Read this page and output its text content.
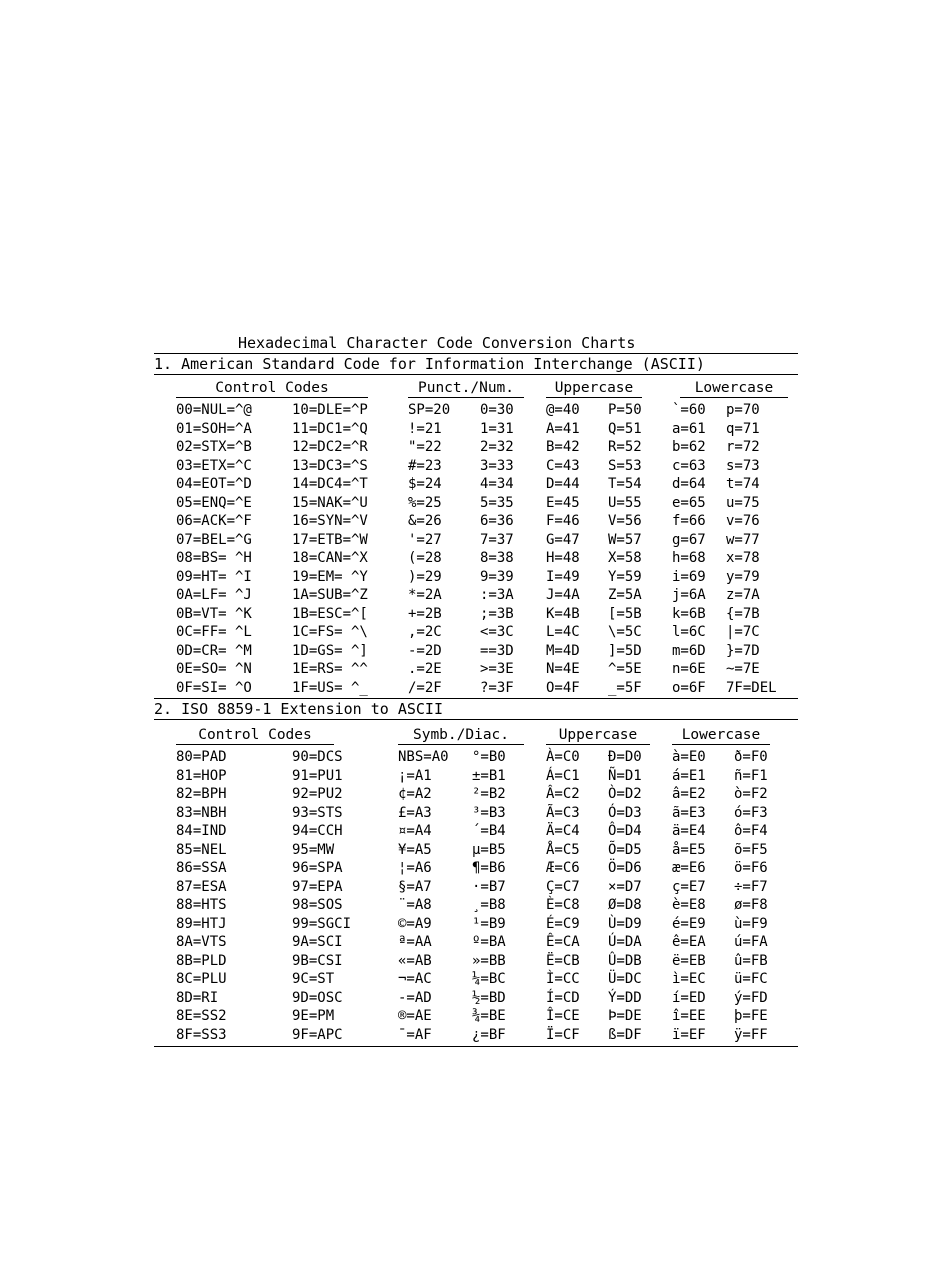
Hexadecimal Character Code Conversion Charts
1. American Standard Code for Information Interchange (ASCII)
Control Codes	Punct./Num.	Uppercase	Lowercase
00=NUL=^@	10=DLE=^P	SP=20 0=30 @=40 P=50 `=60 p=70
01=SOH=^A	11=DC1=^Q	!=21	1=31 A=41 Q=51 a=61 q=71
02=STX=^B	12=DC2=^R	"=22	2=32 B=42 R=52 b=62 r=72
03=ETX=^C	13=DC3=^S	#=23	3=33 C=43 S=53 c=63 s=73
04=EOT=^D	14=DC4=^T	$=24	4=34 D=44 T=54 d=64 t=74
05=ENQ=^E	15=NAK=^U	%=25	5=35 E=45 U=55 e=65 u=75
06=ACK=^F	16=SYN=^V	&=26	6=36 F=46 V=56 f=66 v=76
07=BEL=^G	17=ETB=^W	'=27	7=37 G=47 W=57 g=67 w=77
08=BS= ^H	18=CAN=^X	(=28	8=38 H=48 X=58 h=68 x=78
09=HT= ^I	19=EM= ^Y	)=29	9=39 I=49 Y=59 i=69 y=79
0A=LF= ^J	1A=SUB=^Z	*=2A	:=3A J=4A Z=5A j=6A z=7A
0B=VT= ^K	1B=ESC=^[	+=2B	;=3B K=4B [=5B k=6B {=7B
0C=FF= ^L	1C=FS= ^\	,=2C	<=3C L=4C \=5C l=6C |=7C
0D=CR= ^M	1D=GS= ^]	-=2D	==3D M=4D ]=5D m=6D }=7D
0E=SO= ^N	1E=RS= ^^	.=2E	>=3E N=4E ^=5E n=6E ~=7E
0F=SI= ^O	1F=US= ^_	/=2F	?=3F O=4F _=5F o=6F 7F=DEL
2. ISO 8859-1 Extension to ASCII
Control Codes	Symb./Diac.	Uppercase	Lowercase
80=PAD	90=DCS	NBS=A0 °=B0	À=C0 Ð=D0 à=E0 ð=F0
81=HOP	91=PU1	¡=A1	±=B1	Á=C1 Ñ=D1 á=E1 ñ=F1
82=BPH	92=PU2	¢=A2	²=B2	Â=C2 Ò=D2 â=E2 ò=F2
83=NBH	93=STS	£=A3	³=B3	Ã=C3 Ó=D3 ã=E3 ó=F3
84=IND	94=CCH	¤=A4	´=B4	Ä=C4 Ô=D4 ä=E4 ô=F4
85=NEL	95=MW	¥=A5	µ=B5	Å=C5 Õ=D5 å=E5 õ=F5
86=SSA	96=SPA	¦=A6	¶=B6	Æ=C6 Ö=D6 æ=E6 ö=F6
87=ESA	97=EPA	§=A7	·=B7	Ç=C7 ×=D7 ç=E7 ÷=F7
88=HTS	98=SOS	¨=A8	¸=B8	È=C8 Ø=D8 è=E8 ø=F8
89=HTJ	99=SGCI	©=A9	¹=B9	É=C9 Ù=D9 é=E9 ù=F9
8A=VTS	9A=SCI	ª=AA	º=BA	Ê=CA Ú=DA ê=EA ú=FA
8B=PLD	9B=CSI	«=AB	»=BB	Ë=CB Û=DB ë=EB û=FB
8C=PLU	9C=ST	¬=AC	¼=BC	Ì=CC Ü=DC ì=EC ü=FC
8D=RI	9D=OSC	-=AD	½=BD	Í=CD Ý=DD í=ED ý=FD
8E=SS2	9E=PM	®=AE	¾=BE	Î=CE Þ=DE î=EE þ=FE
8F=SS3	9F=APC	¯=AF	¿=BF	Ï=CF ß=DF ï=EF ÿ=FF
